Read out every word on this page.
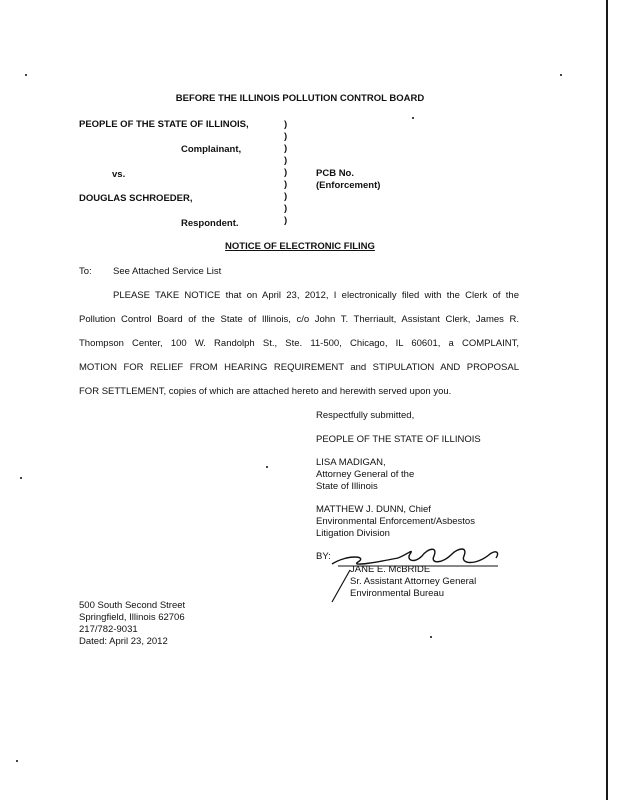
BEFORE THE ILLINOIS POLLUTION CONTROL BOARD
PEOPLE OF THE STATE OF ILLINOIS,
Complainant,
vs.
DOUGLAS SCHROEDER,
Respondent.
)
)
)
)
)
)
)
)
)
PCB No.
(Enforcement)
NOTICE OF ELECTRONIC FILING
To: See Attached Service List
PLEASE TAKE NOTICE that on April 23, 2012, I electronically filed with the Clerk of the
Pollution Control Board of the State of Illinois, c/o John T. Therriault, Assistant Clerk, James R.
Thompson Center, 100 W. Randolph St., Ste. 11-500, Chicago, IL 60601, a COMPLAINT,
MOTION FOR RELIEF FROM HEARING REQUIREMENT and STIPULATION AND PROPOSAL
FOR SETTLEMENT, copies of which are attached hereto and herewith served upon you.
Respectfully submitted,
PEOPLE OF THE STATE OF ILLINOIS
LISA MADIGAN,
Attorney General of the
State of Illinois
MATTHEW J. DUNN, Chief
Environmental Enforcement/Asbestos
Litigation Division
BY:
JANE E. McBRIDE
Sr. Assistant Attorney General
Environmental Bureau
500 South Second Street
Springfield, Illinois 62706
217/782-9031
Dated: April 23, 2012
